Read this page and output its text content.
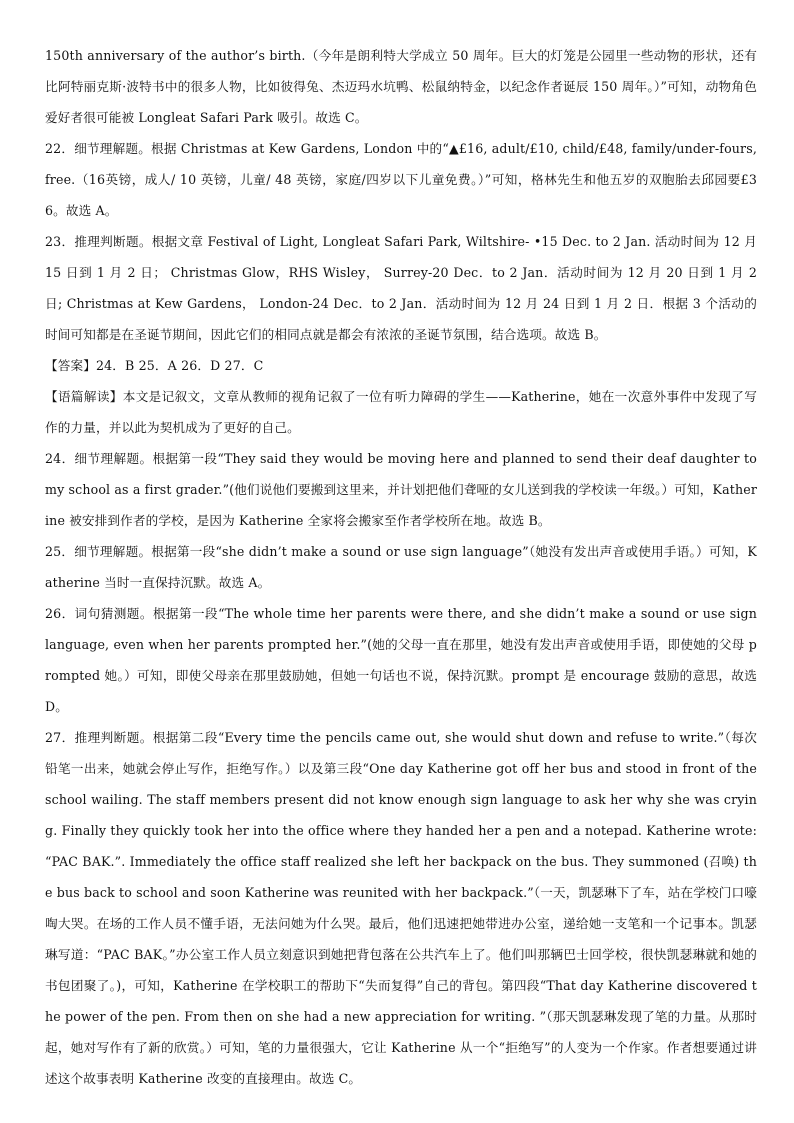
150th anniversary of the author’s birth.（今年是朗利特大学成立 50 周年。巨大的灯笼是公园里一些动物的形状，还有比阿特丽克斯·波特书中的很多人物，比如彼得兔、杰迈玛水坑鸭、松鼠纳特金，以纪念作者诞辰 150 周年。）”可知，动物角色爱好者很可能被 Longleat Safari Park 吸引。故选 C。

22．细节理解题。根据 Christmas at Kew Gardens, London 中的“▲£16, adult/£10, child/£48, family/under-fours, free.（16英镑，成人/ 10 英镑，儿童/ 48 英镑，家庭/四岁以下儿童免费。）”可知，格林先生和他五岁的双胞胎去邱园要£36。故选 A。

23．推理判断题。根据文章 Festival of Light, Longleat Safari Park, Wiltshire- •15 Dec. to 2 Jan. 活动时间为 12 月 15 日到 1 月 2 日； Christmas Glow，RHS Wisley， Surrey-20 Dec．to 2 Jan．活动时间为 12 月 20 日到 1 月 2 日; Christmas at Kew Gardens， London-24 Dec．to 2 Jan．活动时间为 12 月 24 日到 1 月 2 日．根据 3 个活动的时间可知都是在圣诞节期间，因此它们的相同点就是都会有浓浓的圣诞节氛围，结合选项。故选 B。

【答案】24．B 25．A 26．D 27．C

【语篇解读】本文是记叙文，文章从教师的视角记叙了一位有听力障碍的学生——Katherine，她在一次意外事件中发现了写作的力量，并以此为契机成为了更好的自己。

24．细节理解题。根据第一段“They said they would be moving here and planned to send their deaf daughter to my school as a first grader.”(他们说他们要搬到这里来，并计划把他们聋哑的女儿送到我的学校读一年级。）可知，Katherine 被安排到作者的学校，是因为 Katherine 全家将会搬家至作者学校所在地。故选 B。

25．细节理解题。根据第一段“she didn’t make a sound or use sign language”（她没有发出声音或使用手语。）可知，Katherine 当时一直保持沉默。故选 A。

26．词句猜测题。根据第一段“The whole time her parents were there, and she didn’t make a sound or use sign language, even when her parents prompted her.”(她的父母一直在那里，她没有发出声音或使用手语，即使她的父母 prompted 她。）可知，即使父母亲在那里鼓励她，但她一句话也不说，保持沉默。prompt 是 encourage 鼓励的意思，故选 D。

27．推理判断题。根据第二段“Every time the pencils came out, she would shut down and refuse to write.”（每次铅笔一出来，她就会停止写作，拒绝写作。）以及第三段“One day Katherine got off her bus and stood in front of the school wailing. The staff members present did not know enough sign language to ask her why she was crying. Finally they quickly took her into the office where they handed her a pen and a notepad. Katherine wrote: “PAC BAK.”. Immediately the office staff realized she left her backpack on the bus. They summoned (召唤) the bus back to school and soon Katherine was reunited with her backpack.”（一天，凯瑟琳下了车，站在学校门口嚎啕大哭。在场的工作人员不懂手语，无法问她为什么哭。最后，他们迅速把她带进办公室，递给她一支笔和一个记事本。凯瑟琳写道：“PAC BAK。”办公室工作人员立刻意识到她把背包落在公共汽车上了。他们叫那辆巴士回学校，很快凯瑟琳就和她的书包团聚了。)，可知，Katherine 在学校职工的帮助下“失而复得”自己的背包。第四段“That day Katherine discovered the power of the pen. From then on she had a new appreciation for writing. ”（那天凯瑟琳发现了笔的力量。从那时起，她对写作有了新的欣赏。）可知，笔的力量很强大，它让 Katherine 从一个“拒绝写”的人变为一个作家。作者想要通过讲述这个故事表明 Katherine 改变的直接理由。故选 C。
